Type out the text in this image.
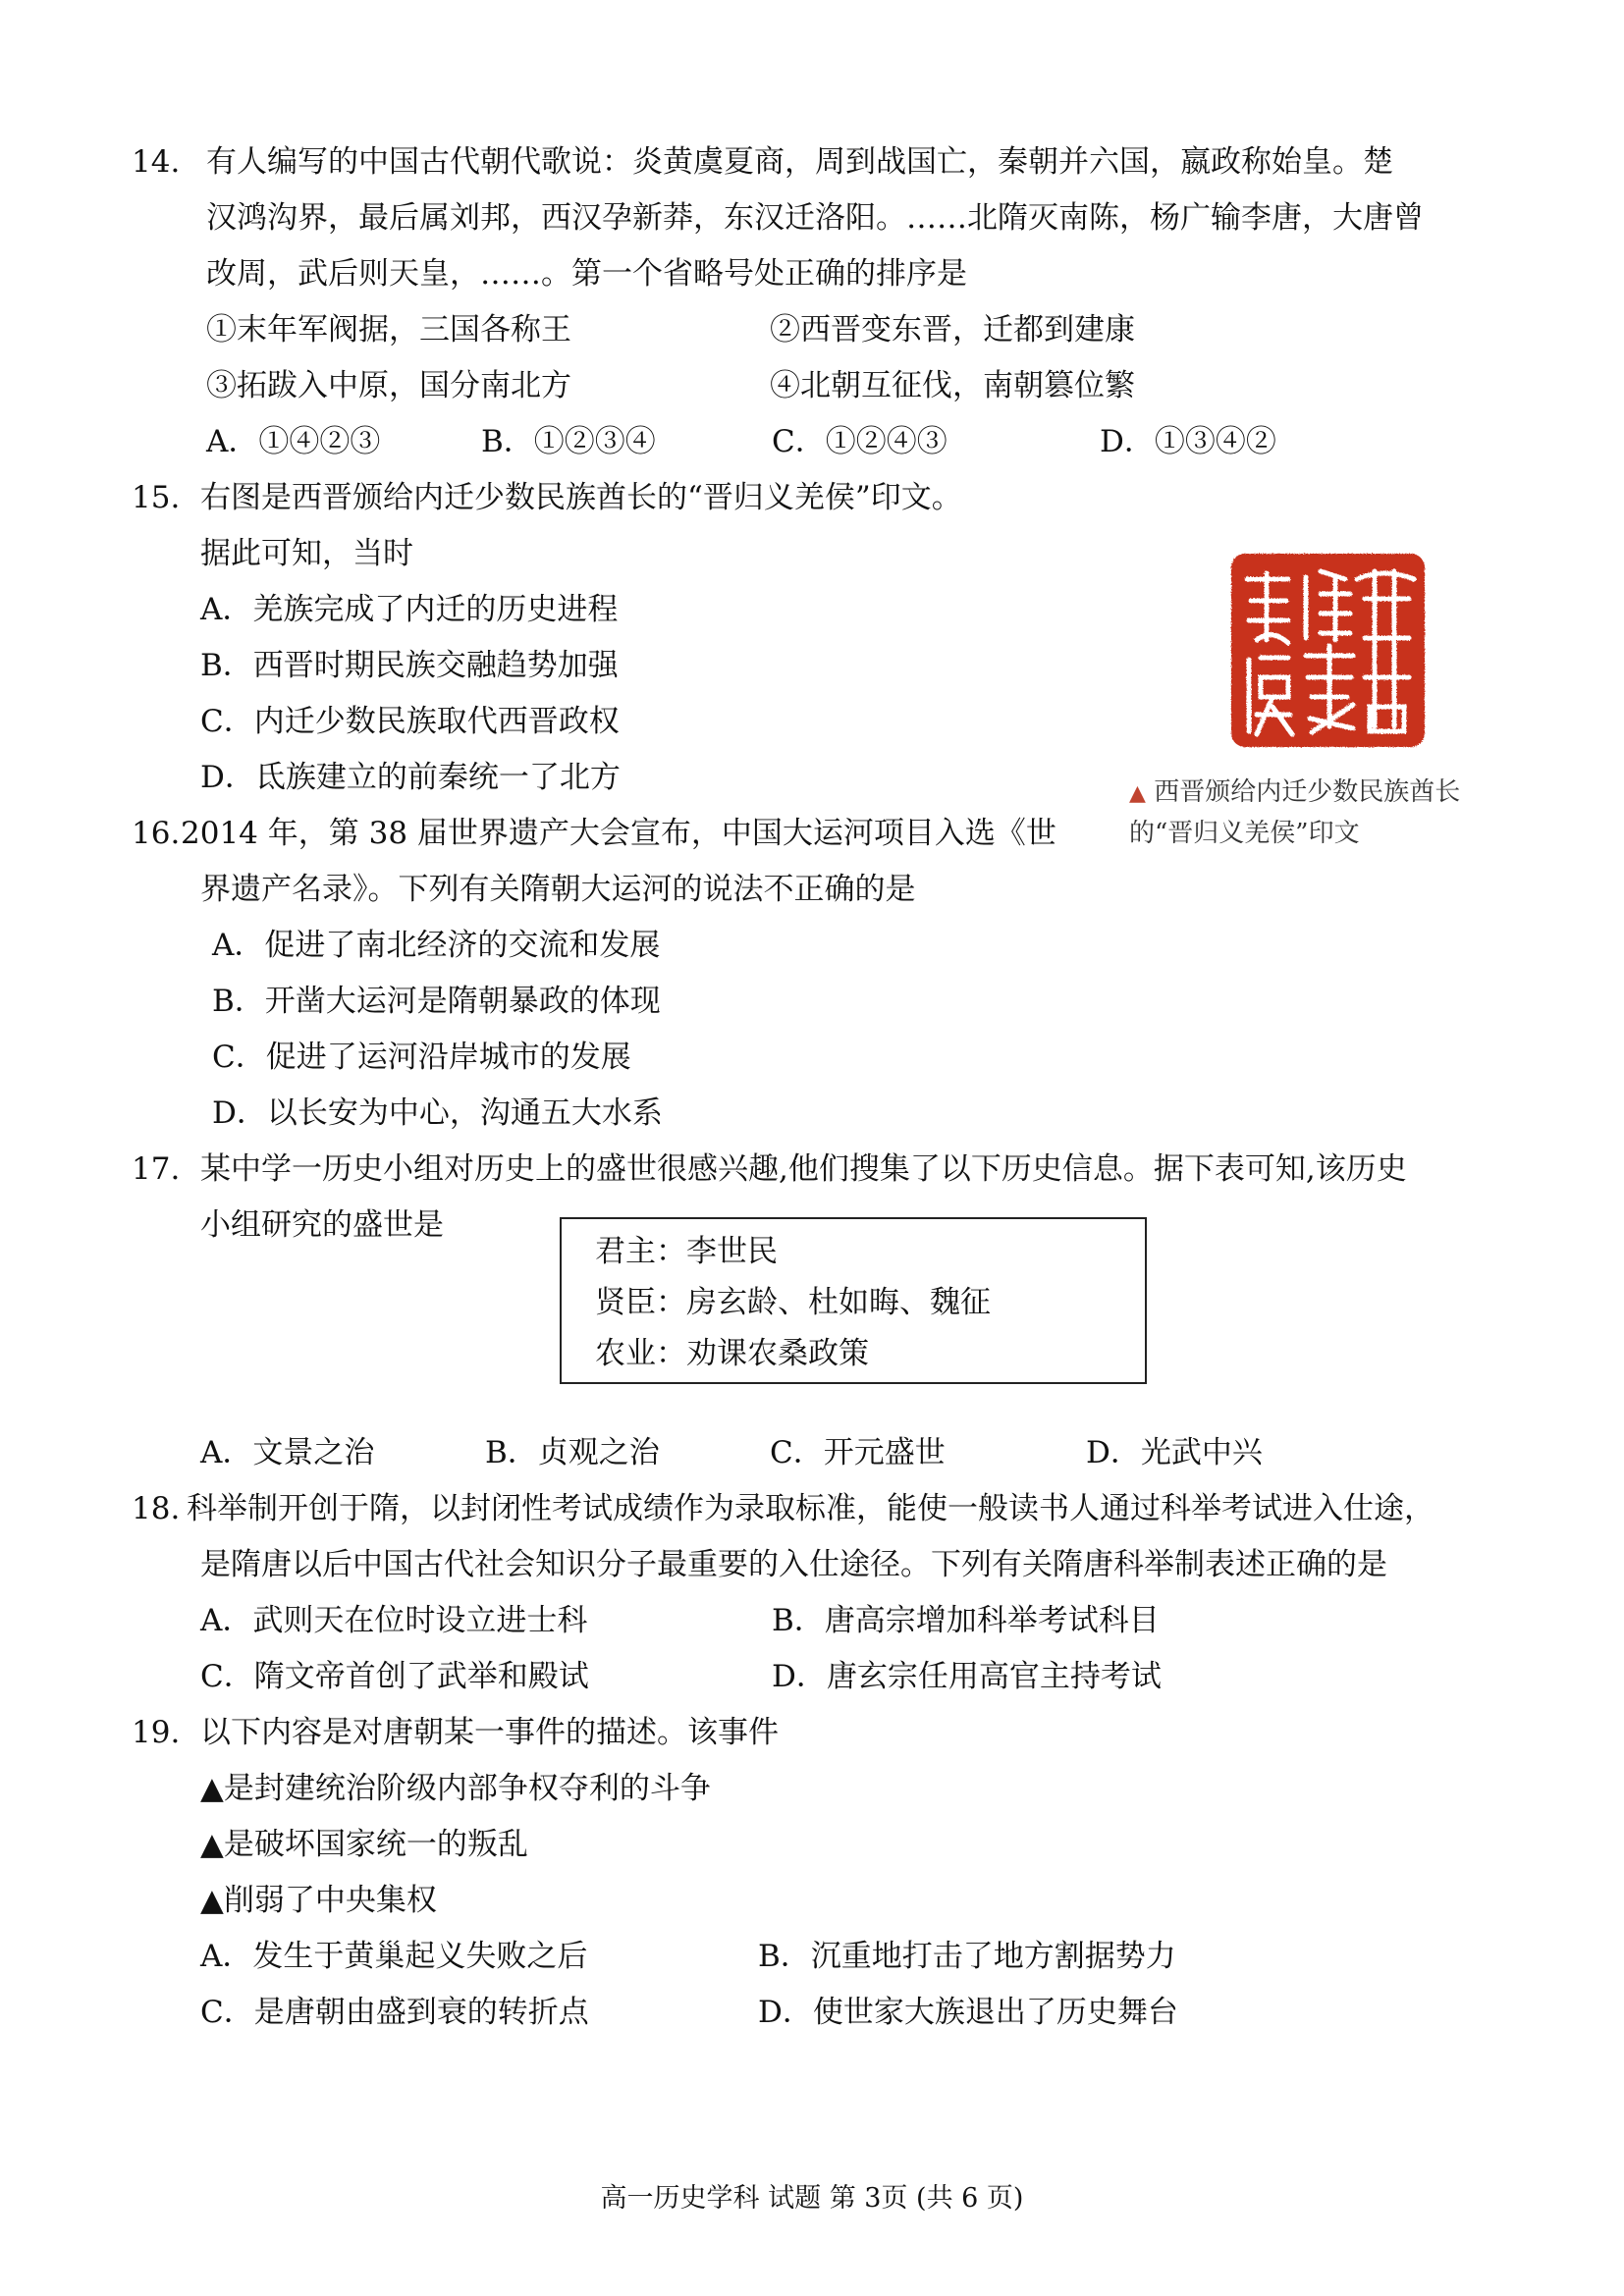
14. 有人编写的中国古代朝代歌说：炎黄虞夏商，周到战国亡，秦朝并六国，嬴政称始皇。楚
汉鸿沟界，最后属刘邦，西汉孕新莽，东汉迁洛阳。……北隋灭南陈，杨广输李唐，大唐曾
改周，武后则天皇，……。第一个省略号处正确的排序是
①末年军阀据，三国各称王	②西晋变东晋，迁都到建康
③拓跋入中原，国分南北方	④北朝互征伐，南朝篡位繁
A．①④②③	B．①②③④	C．①②④③	D．①③④②
15. 右图是西晋颁给内迁少数民族酋长的“晋归义羌侯”印文。
据此可知，当时
A．羌族完成了内迁的历史进程
B．西晋时期民族交融趋势加强
C．内迁少数民族取代西晋政权
D．氐族建立的前秦统一了北方	▲ 西晋颁给内迁少数民族酋长
的“晋归义羌侯”印文
16. 2014 年，第 38 届世界遗产大会宣布，中国大运河项目入选《世
界遗产名录》。下列有关隋朝大运河的说法不正确的是
A．促进了南北经济的交流和发展
B．开凿大运河是隋朝暴政的体现
C．促进了运河沿岸城市的发展
D．以长安为中心，沟通五大水系
17. 某中学一历史小组对历史上的盛世很感兴趣,他们搜集了以下历史信息。据下表可知,该历史
小组研究的盛世是
君主：李世民
贤臣：房玄龄、杜如晦、魏征
农业：劝课农桑政策
A．文景之治	B．贞观之治	C．开元盛世	D．光武中兴
18. 科举制开创于隋，以封闭性考试成绩作为录取标准，能使一般读书人通过科举考试进入仕途，
是隋唐以后中国古代社会知识分子最重要的入仕途径。下列有关隋唐科举制表述正确的是
A．武则天在位时设立进士科	B．唐高宗增加科举考试科目
C．隋文帝首创了武举和殿试	D．唐玄宗任用高官主持考试
19. 以下内容是对唐朝某一事件的描述。该事件
▲是封建统治阶级内部争权夺利的斗争
▲是破坏国家统一的叛乱
▲削弱了中央集权
A．发生于黄巢起义失败之后	B．沉重地打击了地方割据势力
C．是唐朝由盛到衰的转折点	D．使世家大族退出了历史舞台
高一历史学科 试题 第 3页 (共 6 页)
